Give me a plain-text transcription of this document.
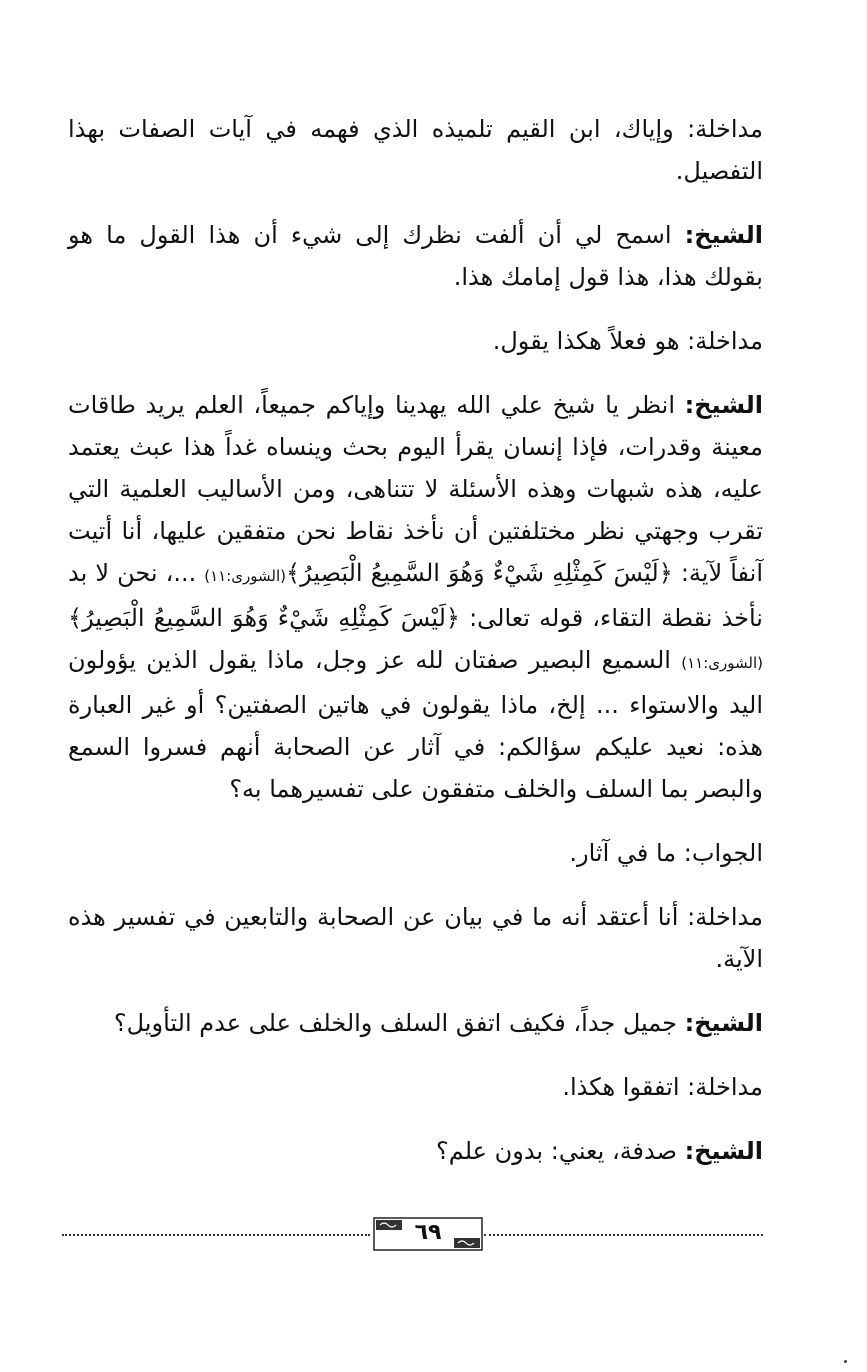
مداخلة: وإياك، ابن القيم تلميذه الذي فهمه في آيات الصفات بهذا التفصيل.

الشيخ: اسمح لي أن ألفت نظرك إلى شيء أن هذا القول ما هو بقولك هذا، هذا قول إمامك هذا.

مداخلة: هو فعلاً هكذا يقول.

الشيخ: انظر يا شيخ علي الله يهدينا وإياكم جميعاً، العلم يريد طاقات معينة وقدرات، فإذا إنسان يقرأ اليوم بحث وينساه غداً هذا عبث يعتمد عليه، هذه شبهات وهذه الأسئلة لا تتناهى، ومن الأساليب العلمية التي تقرب وجهتي نظر مختلفتين أن نأخذ نقاط نحن متفقين عليها، أنا أتيت آنفاً لآية: ﴿لَيْسَ كَمِثْلِهِ شَيْءٌ وَهُوَ السَّمِيعُ الْبَصِيرُ﴾(الشورى:١١) ...، نحن لا بد نأخذ نقطة التقاء، قوله تعالى: ﴿لَيْسَ كَمِثْلِهِ شَيْءٌ وَهُوَ السَّمِيعُ الْبَصِيرُ﴾(الشورى:١١) السميع البصير صفتان لله عز وجل، ماذا يقول الذين يؤولون اليد والاستواء ... إلخ، ماذا يقولون في هاتين الصفتين؟ أو غير العبارة هذه: نعيد عليكم سؤالكم: في آثار عن الصحابة أنهم فسروا السمع والبصر بما السلف والخلف متفقون على تفسيرهما به؟

الجواب: ما في آثار.

مداخلة: أنا أعتقد أنه ما في بيان عن الصحابة والتابعين في تفسير هذه الآية.

الشيخ: جميل جداً، فكيف اتفق السلف والخلف على عدم التأويل؟

مداخلة: اتفقوا هكذا.

الشيخ: صدفة، يعني: بدون علم؟

٦٩
